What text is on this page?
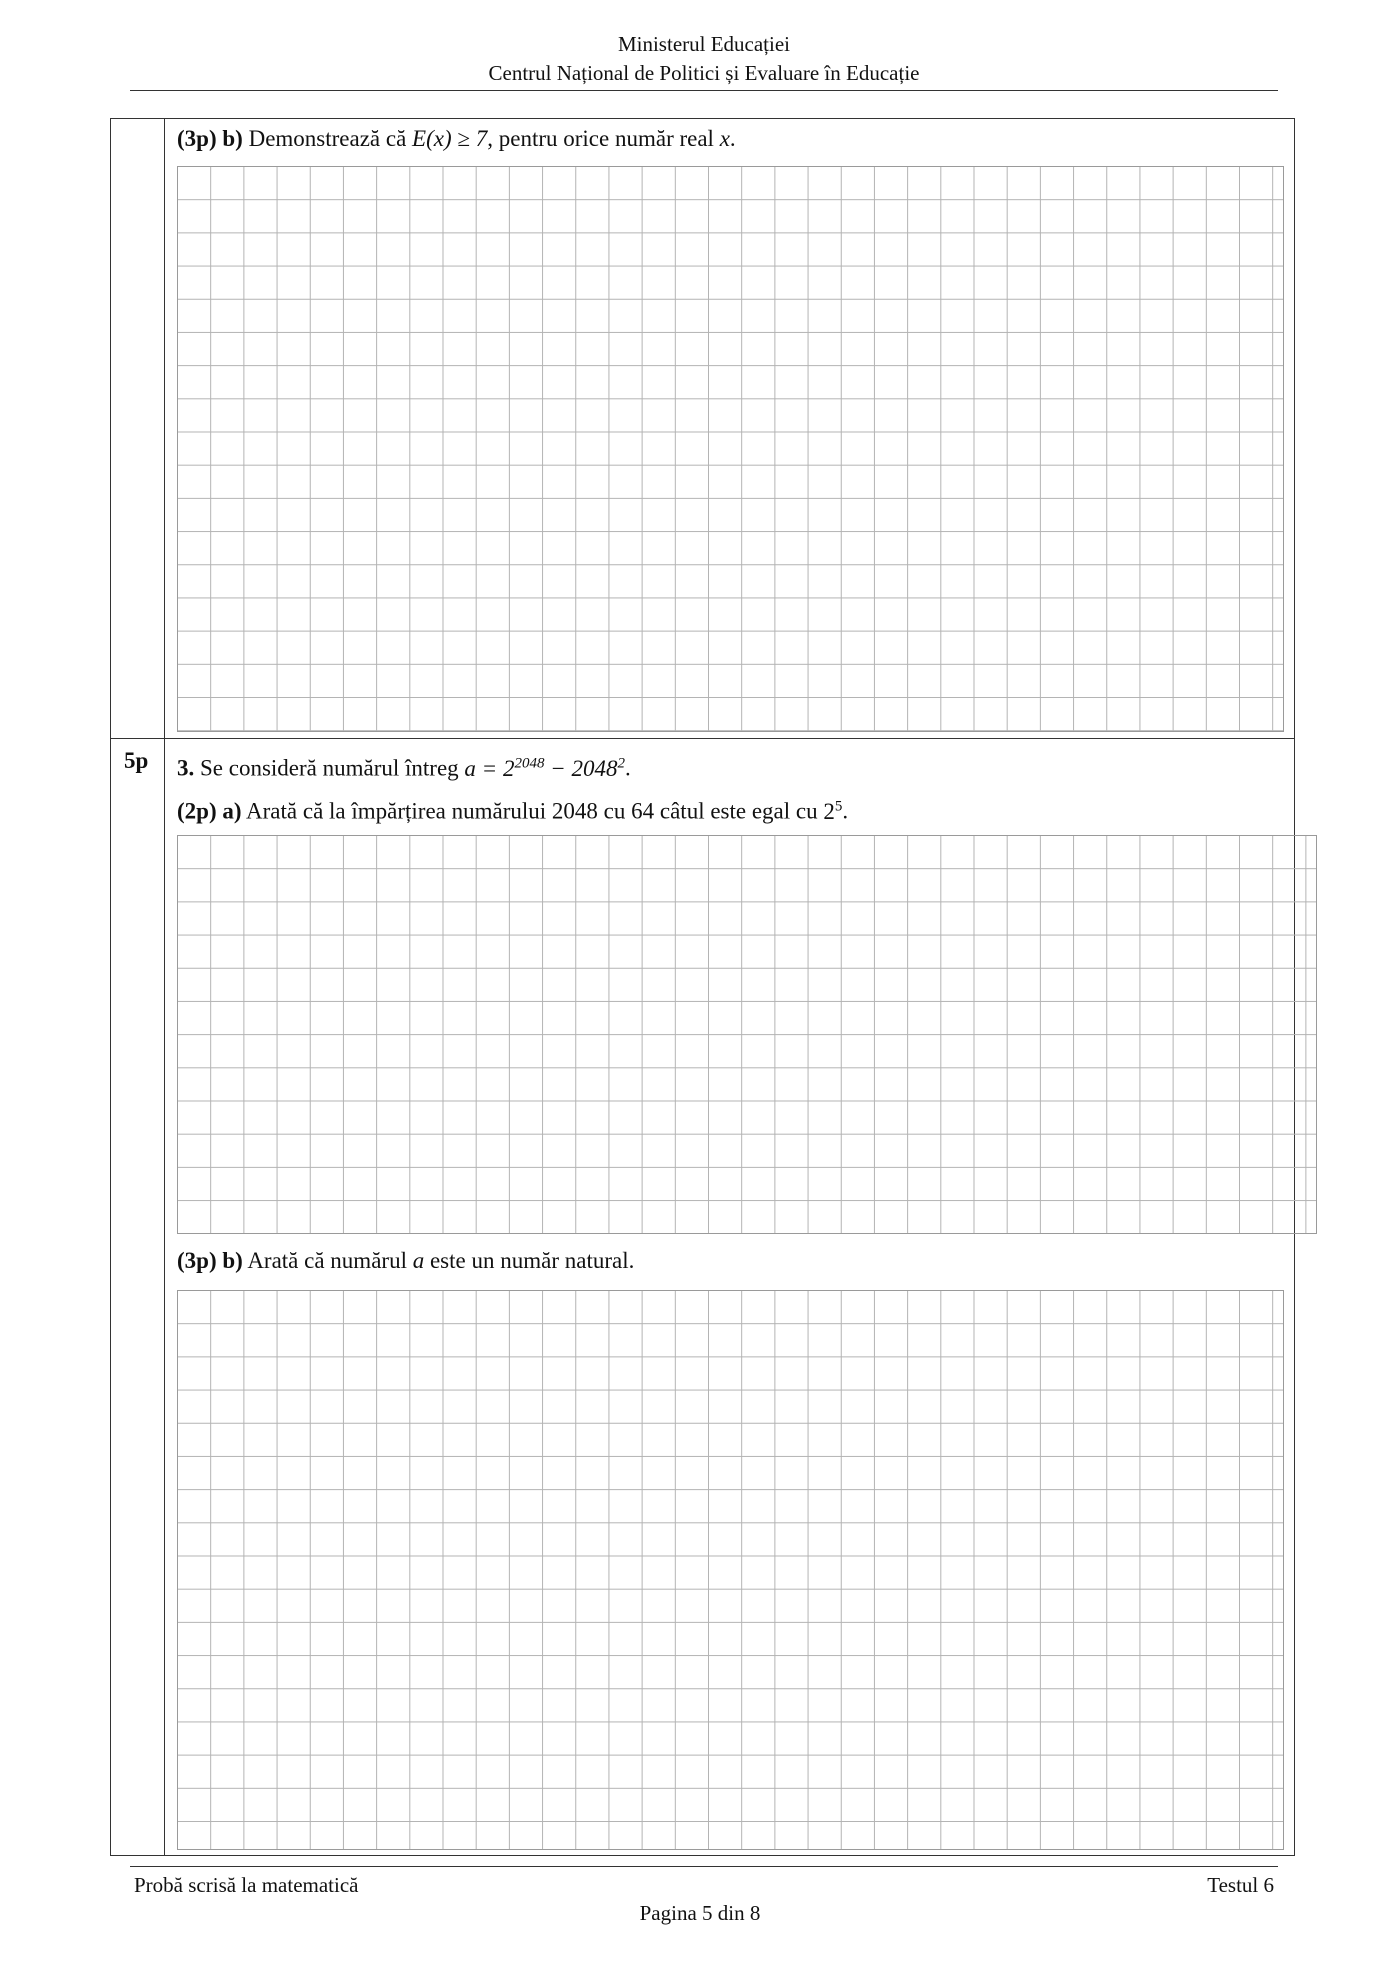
Ministerul Educației
Centrul Național de Politici și Evaluare în Educație
(3p) b) Demonstrează că E(x) ≥ 7, pentru orice număr real x.
5p 3. Se consideră numărul întreg $a = 2^{2048} - 2048^2$.
(2p) a) Arată că la împărțirea numărului 2048 cu 64 câtul este egal cu $2^5$.
(3p) b) Arată că numărul a este un număr natural.
Probă scrisă la matematică	Testul 6
Pagina 5 din 8
